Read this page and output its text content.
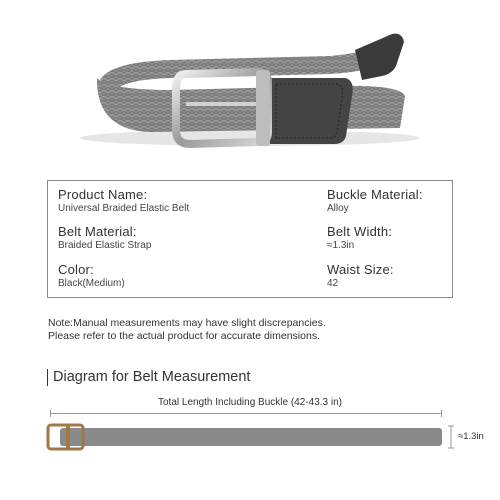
Product Name:
Universal Braided Elastic Belt
Belt Material:
Braided Elastic Strap
Color:
Black(Medium)
Buckle Material:
Alloy
Belt Width:
≈1.3in
Waist Size:
42
Note:Manual measurements may have slight discrepancies.
Please refer to the actual product for accurate dimensions.
Diagram for Belt Measurement
Total Length Including Buckle (42-43.3 in)
≈1.3in
